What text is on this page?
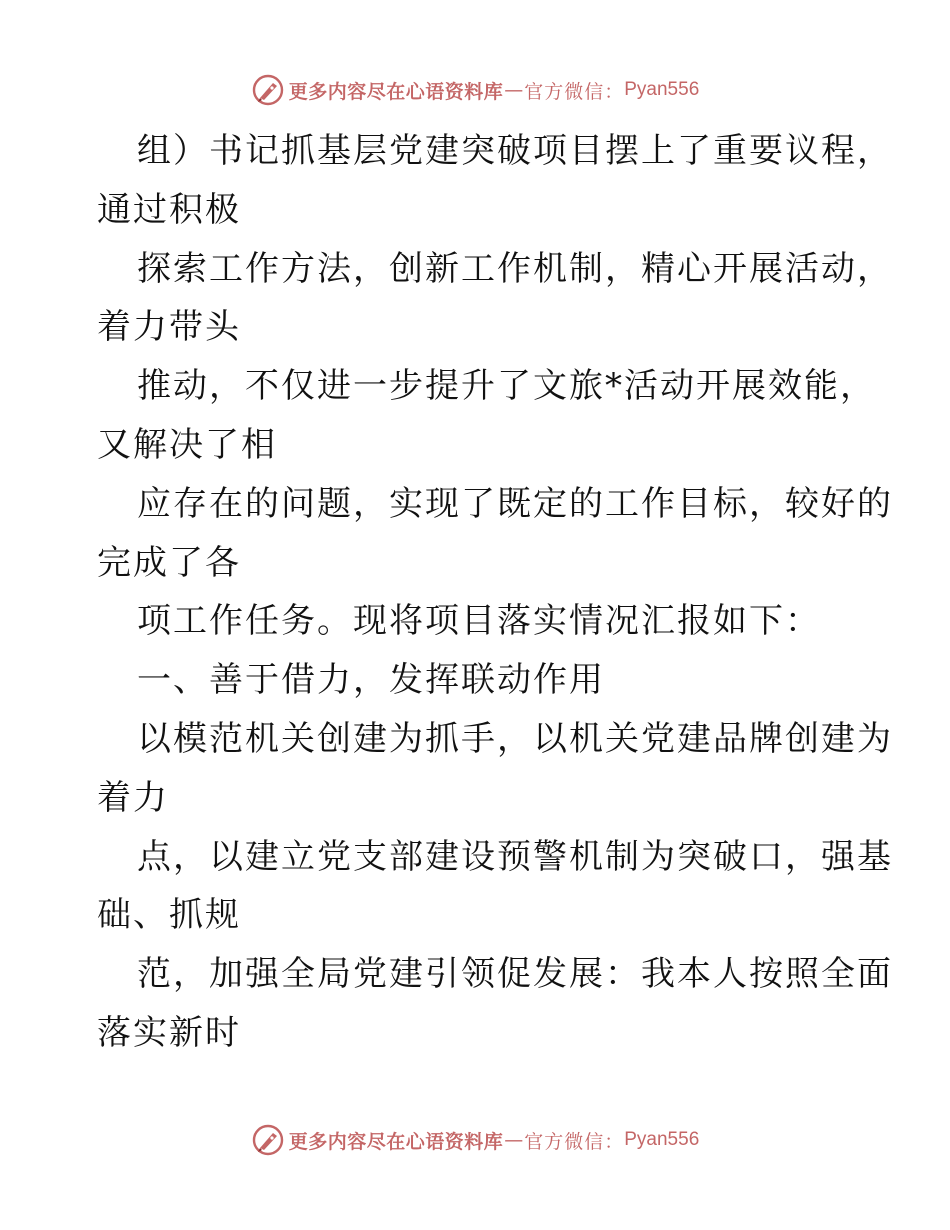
更多内容尽在心语资料库 — 官方微信： Pyan556
组）书记抓基层党建突破项目摆上了重要议程，
通过积极
探索工作方法，创新工作机制，精心开展活动，
着力带头
推动，不仅进一步提升了文旅*活动开展效能，
又解决了相
应存在的问题，实现了既定的工作目标，较好的
完成了各
项工作任务。现将项目落实情况汇报如下：
一、善于借力，发挥联动作用
以模范机关创建为抓手，以机关党建品牌创建为
着力
点，以建立党支部建设预警机制为突破口，强基
础、抓规
范，加强全局党建引领促发展：我本人按照全面
落实新时
更多内容尽在心语资料库 — 官方微信： Pyan556
